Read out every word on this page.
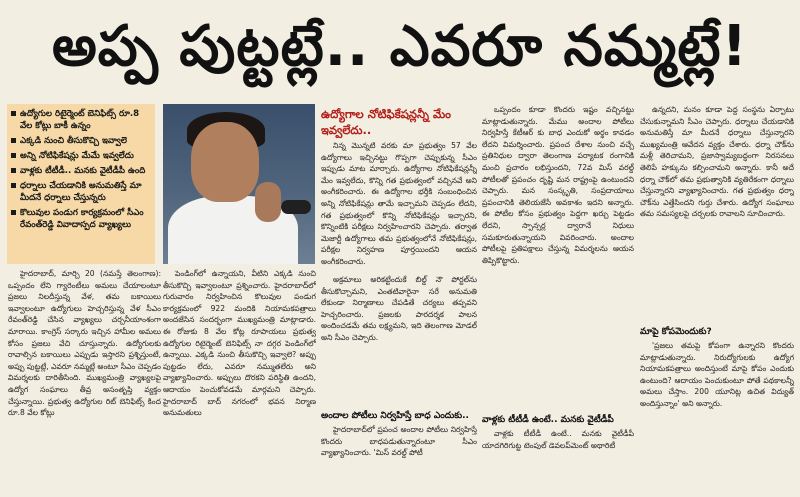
అప్ప పుట్టట్లే.. ఎవరూ నమ్మట్లే!
ఉద్యోగుల రిటైర్మెంట్ బెనిఫిట్స్ రూ.8 వేల కోట్లు బాకీ ఉన్నం
ఎక్కడి నుంచి తీసుకొచ్చి ఇవ్వాలె
అన్ని నోటిఫికేషన్లు మేమే ఇవ్వలేదు
వాళ్లకు టీటీడీ.. మనకు వైటీడీపీ ఉంది
ధర్నాలు చేయడానికి అనుమతిస్తే మా మీదనే ధర్నాలు చేస్తున్నరు
కొలువుల పండుగ కార్యక్రమంలో సీఎం రేవంత్‌రెడ్డి వివాదాస్పద వ్యాఖ్యలు
ఉద్యోగాల నోటిఫికేషన్లన్నీ మేం ఇవ్వలేదు..

హైదరాబాద్, మార్చి 20 (నమస్తే తెలంగాణ): ఒప్పందం లేని గ్యారెంటీలు అమలు చేయాలంటూ ప్రజలు నిలదీస్తున్న వేళ, తమ బకాయిలు ఇవ్వాలంటూ ఉద్యోగులు హెచ్చరిస్తున్న వేళ సీఎం రేవంత్‌రెడ్డి చేసిన వ్యాఖ్యలు చర్చనీయాంశంగా మారాయి. కాంగ్రెస్ సర్కారు ఇచ్చిన హామీల అమలు కోసం ప్రజలు వేచి చూస్తున్నారు. ఉద్యోగులకు రావాల్సిన బకాయిలు ఎప్పుడు ఇస్తారని ప్రశ్నిస్తుంటే, అప్పు పుట్టట్లే, ఎవరూ నమ్మట్లే అంటూ సీఎం చెప్పడం విమర్శలకు దారితీసింది. ముఖ్యమంత్రి వ్యాఖ్యలపై ఉద్యోగ సంఘాలు తీవ్ర అసంతృప్తి వ్యక్తం చేస్తున్నాయి. ప్రభుత్వ ఉద్యోగుల రిట్ బెనిఫిట్స్ కింద రూ.8 వేల కోట్లు

పెండింగ్‌లో ఉన్నాయని, వీటిని ఎక్కడి నుంచి తీసుకొచ్చి ఇవ్వాలంటూ ప్రశ్నించారు. హైదరాబాద్‌లో గురువారం నిర్వహించిన కొలువుల పండుగ కార్యక్రమంలో 922 మందికి నియామకపత్రాలు అందజేసిన సందర్భంగా ముఖ్యమంత్రి మాట్లాడారు. ఈ రోజుకు 8 వేల కోట్ల రూపాయలు ప్రభుత్వ ఉద్యోగుల రిటైర్మెంట్ బెనిఫిట్స్ నా దగ్గర పెండింగ్‌లో ఉన్నాయి. ఎక్కడి నుంచి తీసుకొచ్చి ఇవ్వాలె? అప్పు పుట్టడం లేదు, ఎవరూ నమ్ముతలేరు అని వ్యాఖ్యానించారు. అప్పులు దొరకని పరిస్థితి ఉందని, ఆదాయం పెంచుకోవడమే మార్గమని చెప్పారు. హైదరాబాద్ బాద్ నగరంలో భవన నిర్మాణ అనుమతులు

నిన్న మొన్నటి వరకు మా ప్రభుత్వం 57 వేల ఉద్యోగాలు ఇచ్చినట్టు గొప్పగా చెప్పుకున్న సీఎం ఇప్పుడు మాట మార్చారు. ఉద్యోగాల నోటిఫికేషన్లన్నీ మేం ఇవ్వలేదు, కొన్ని గత ప్రభుత్వంలో వచ్చినవే అని అంగీకరించారు. ఈ ఉద్యోగాల భర్తీకి సంబంధించిన అన్ని నోటిఫికేషన్లు తామే ఇచ్చామని చెప్పడం లేదని, గత ప్రభుత్వంలో కొన్ని నోటిఫికేషన్లు ఇచ్చారని, కొన్నింటికి పరీక్షలు నిర్వహించారని చెప్పారు. తర్వాత మెజార్టీ ఉద్యోగాలు తమ ప్రభుత్వంలోనే నోటిఫికేషన్లు, పరీక్షల నిర్వహణ పూర్తయిందని ఆయన అంగీకరించారు.

అక్రమాలు అరికట్టేందుకే బిల్డ్ నౌ పోర్టల్‌ను తీసుకొచ్చామని, ఎంతటివారైనా సరే అనుమతి లేకుండా నిర్మాణాలు చేపడితే చర్యలు తప్పవని హెచ్చరించారు. ప్రజలకు పారదర్శక పాలన అందించడమే తమ లక్ష్యమని, ఇది తెలంగాణ మోడల్ అని సీఎం చెప్పారు.

అందాల పోటీలు నిర్వహిస్తే బాధ ఎందుకు..

హైదరాబాద్‌లో ప్రపంచ అందాల పోటీలు నిర్వహిస్తే కొందరు బాధపడుతున్నారంటూ సీఎం వ్యాఖ్యానించారు. 'మిస్ వరల్డ్ పోటీ

ఒప్పందం కూడా కొందరు ఇష్టం వచ్చినట్టు మాట్లాడుతున్నారు. మేము అందాల పోటీలు నిర్వహిస్తే కేటీఆర్ కు బాధ ఎందుకో అర్థం కావడం లేదని విమర్శించారు. ప్రపంచ దేశాల నుంచి వచ్చే ప్రతినిధుల ద్వారా తెలంగాణ పర్యాటక రంగానికి మంచి ప్రచారం లభిస్తుందని, 72వ మిస్ వరల్డ్ పోటీలతో ప్రపంచం దృష్టి మన రాష్ట్రంపై ఉంటుందని చెప్పారు. మన సంస్కృతి, సంప్రదాయాలు ప్రపంచానికి తెలియజేసే అవకాశం ఇదని అన్నారు. ఈ పోటీల కోసం ప్రభుత్వం పెద్దగా ఖర్చు పెట్టడం లేదని, స్పాన్సర్ల ద్వారానే నిధులు సమకూరుతున్నాయని వివరించారు. అందాల పోటీలపై ప్రతిపక్షాలు చేస్తున్న విమర్శలను ఆయన తిప్పికొట్టారు.

వాళ్లకు టీటీడీ ఉంటే.. మనకు వైటీడీపీ

వాళ్లకు టీటీడీ ఉంటే.. మనకు వైటీడీపీ యాదగిరిగుట్ట టెంపుల్ డెవలప్‌మెంట్ అథారిటీ

ఉన్నదని, మనం కూడా పెద్ద సంస్థను ఏర్పాటు చేసుకున్నామని సీఎం చెప్పారు. ధర్నాలు చేయడానికి అనుమతిస్తే మా మీదనే ధర్నాలు చేస్తున్నారని ముఖ్యమంత్రి ఆవేదన వ్యక్తం చేశారు. ధర్నా చౌక్‌ను మళ్లీ తెరిచామని, ప్రజాస్వామ్యబద్ధంగా నిరసనలు తెలిపే హక్కును కల్పించామని అన్నారు. కానీ అదే ధర్నా చౌక్‌లో తమ ప్రభుత్వానికి వ్యతిరేకంగా ధర్నాలు చేస్తున్నారని వ్యాఖ్యానించారు. గత ప్రభుత్వం ధర్నా చౌక్‌ను ఎత్తేసిందని గుర్తు చేశారు. ఉద్యోగ సంఘాలు తమ సమస్యలపై చర్చలకు రావాలని సూచించారు.

మాపై కోపమెందుకు?

'ప్రజలు తమపై కోపంగా ఉన్నారని కొందరు మాట్లాడుతున్నారు. నిరుద్యోగులకు ఉద్యోగ నియామకపత్రాలు అందిస్తుంటే మాపై కోపం ఎందుకు ఉంటుంది? ఆదాయం పెంచుకుంటూ పోతే పథకాలన్నీ అమలు చేస్తాం. 200 యూనిట్ల ఉచిత విద్యుత్ అందిస్తున్నాం' అని అన్నారు.
